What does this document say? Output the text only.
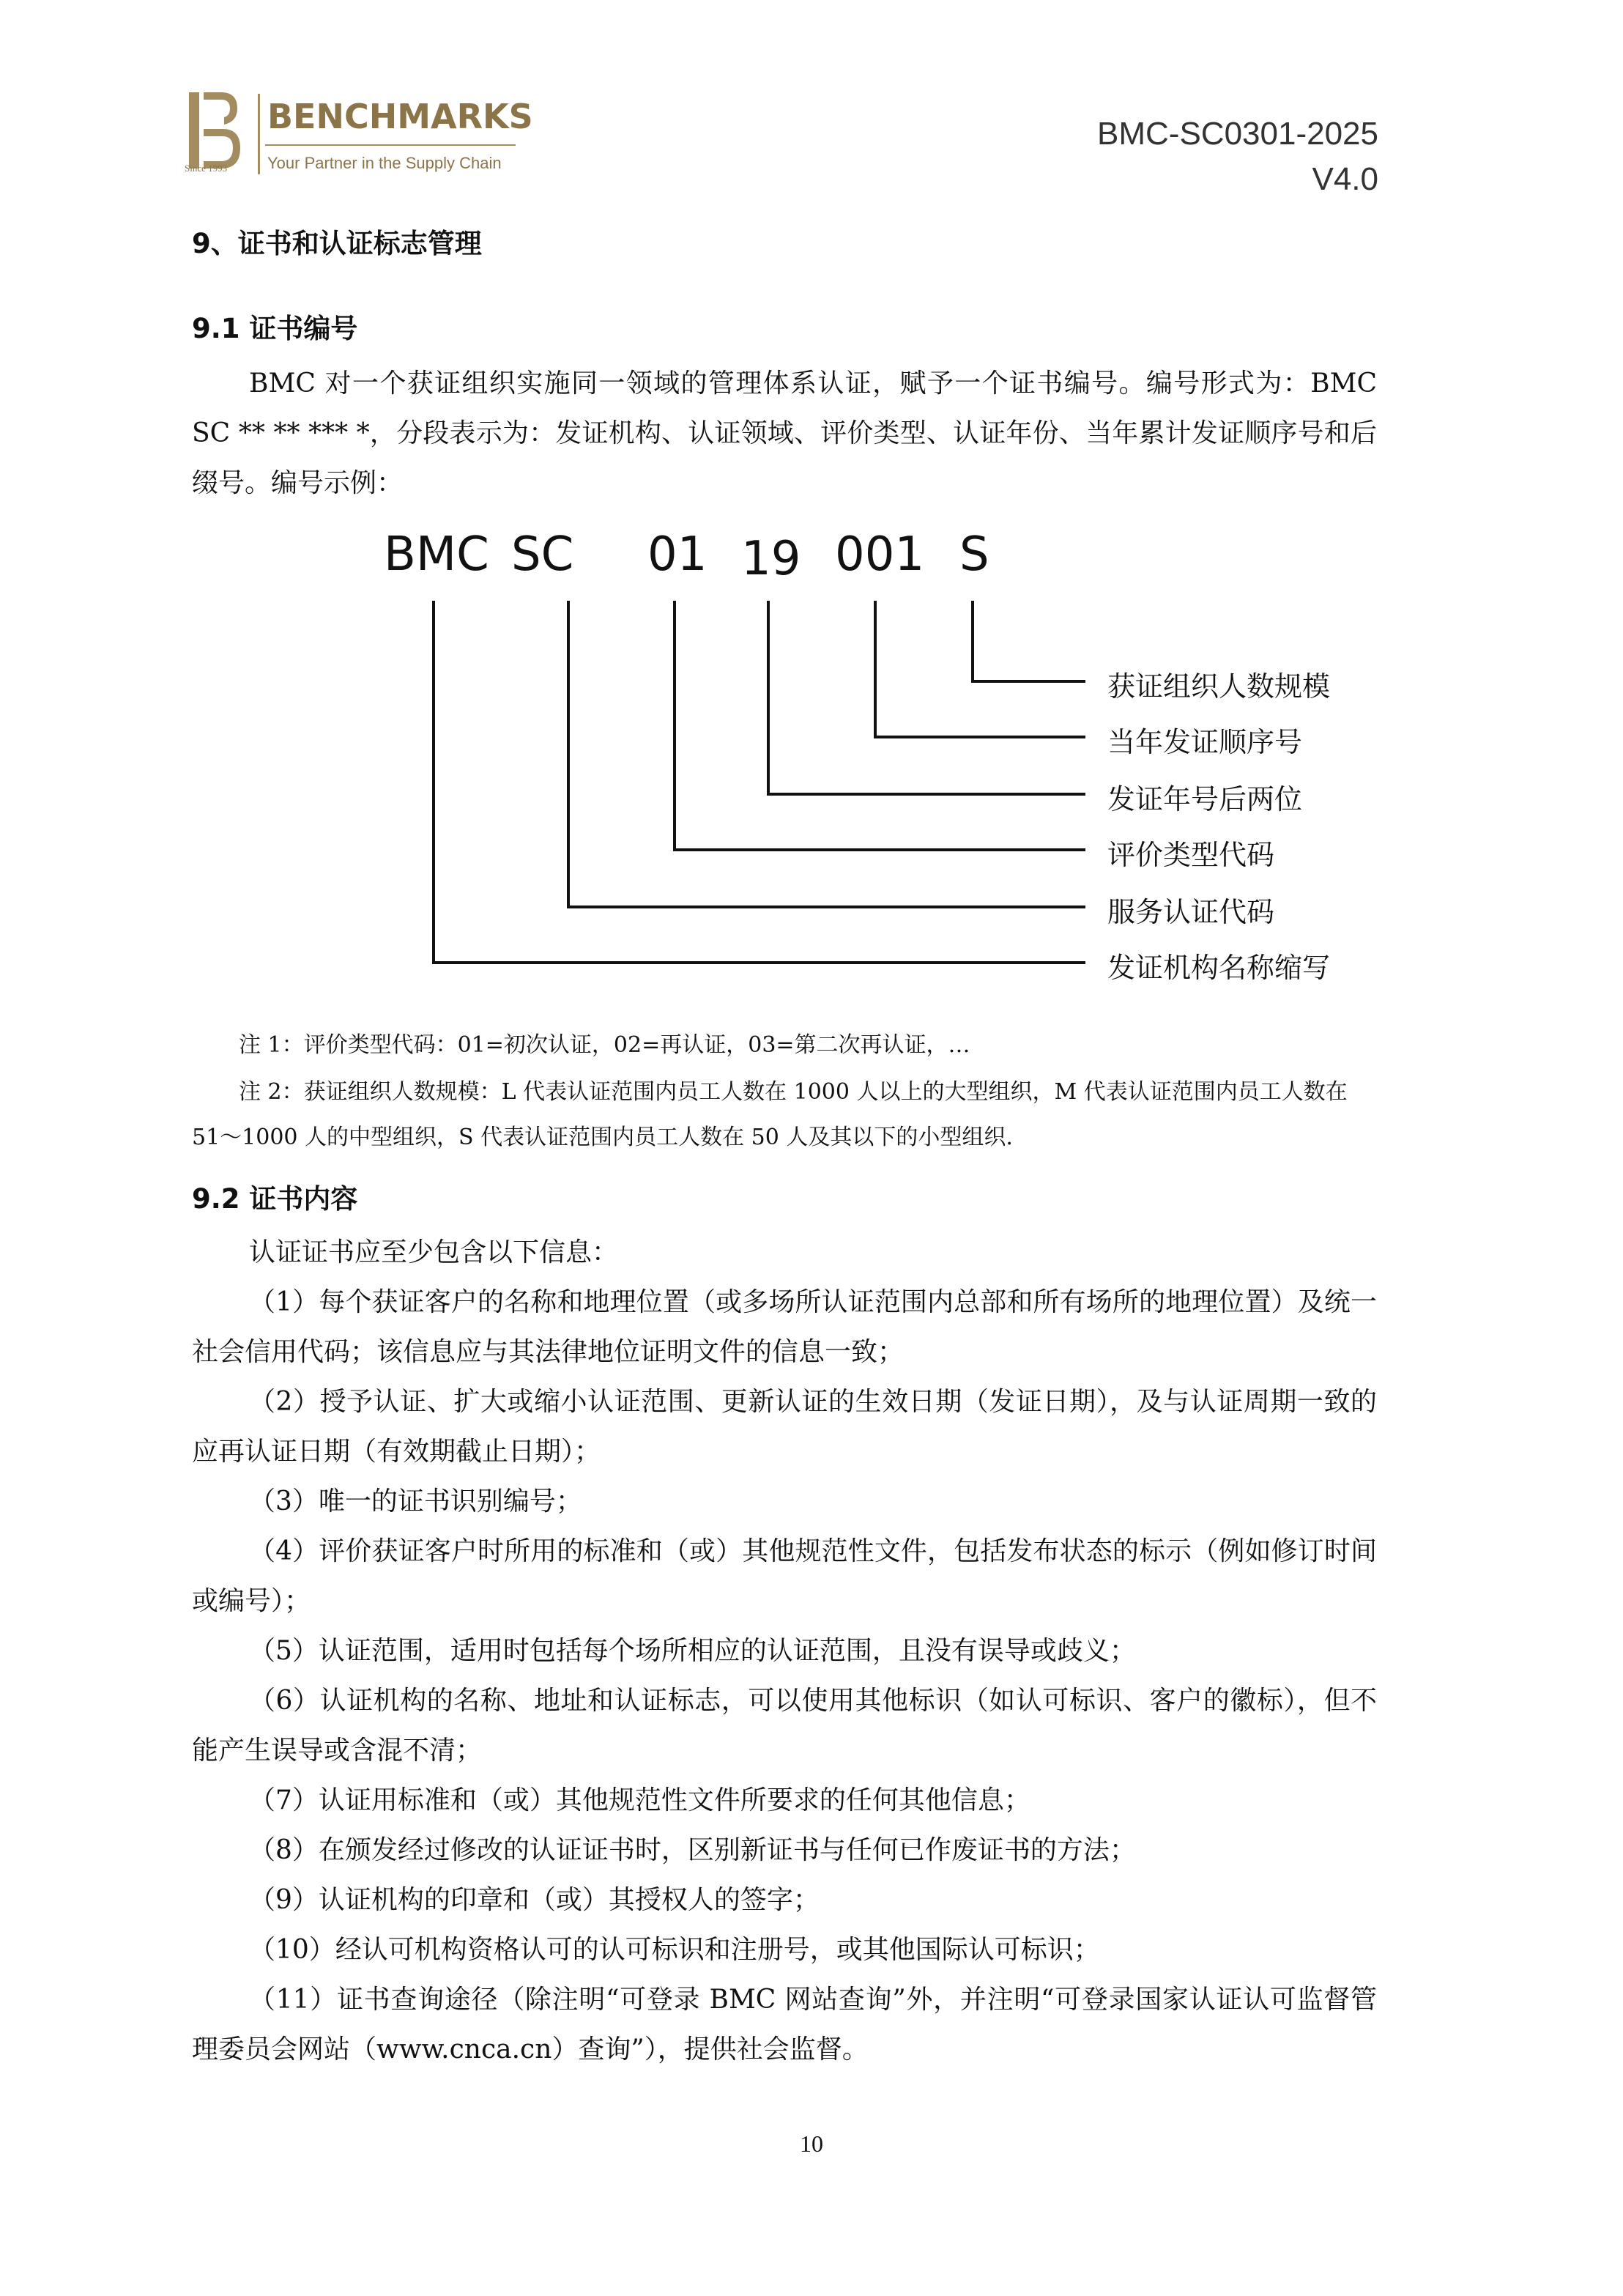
Since 1993
BENCHMARKS
Your Partner in the Supply Chain
BMC-SC0301-2025
V4.0
9、证书和认证标志管理
9.1 证书编号

BMC 对一个获证组织实施同一领域的管理体系认证，赋予一个证书编号。编号形式为：BMC SC ** ** *** *，分段表示为：发证机构、认证领域、评价类型、认证年份、当年累计发证顺序号和后缀号。编号示例：

BMC SC 01 19 001 S
获证组织人数规模
当年发证顺序号
发证年号后两位
评价类型代码
服务认证代码
发证机构名称缩写
注 1：评价类型代码：01=初次认证，02=再认证，03=第二次再认证，…

注 2：获证组织人数规模：L 代表认证范围内员工人数在 1000 人以上的大型组织，M 代表认证范围内员工人数在 51～1000 人的中型组织，S 代表认证范围内员工人数在 50 人及其以下的小型组织.

9.2 证书内容

认证证书应至少包含以下信息：

（1）每个获证客户的名称和地理位置（或多场所认证范围内总部和所有场所的地理位置）及统一社会信用代码；该信息应与其法律地位证明文件的信息一致；

（2）授予认证、扩大或缩小认证范围、更新认证的生效日期（发证日期），及与认证周期一致的应再认证日期（有效期截止日期）；

（3）唯一的证书识别编号；

（4）评价获证客户时所用的标准和（或）其他规范性文件，包括发布状态的标示（例如修订时间或编号）；

（5）认证范围，适用时包括每个场所相应的认证范围，且没有误导或歧义；

（6）认证机构的名称、地址和认证标志，可以使用其他标识（如认可标识、客户的徽标），但不能产生误导或含混不清；

（7）认证用标准和（或）其他规范性文件所要求的任何其他信息；

（8）在颁发经过修改的认证证书时，区别新证书与任何已作废证书的方法；

（9）认证机构的印章和（或）其授权人的签字；

（10）经认可机构资格认可的认可标识和注册号，或其他国际认可标识；

（11）证书查询途径（除注明“可登录 BMC 网站查询”外，并注明“可登录国家认证认可监督管理委员会网站（www.cnca.cn）查询”），提供社会监督。

10
